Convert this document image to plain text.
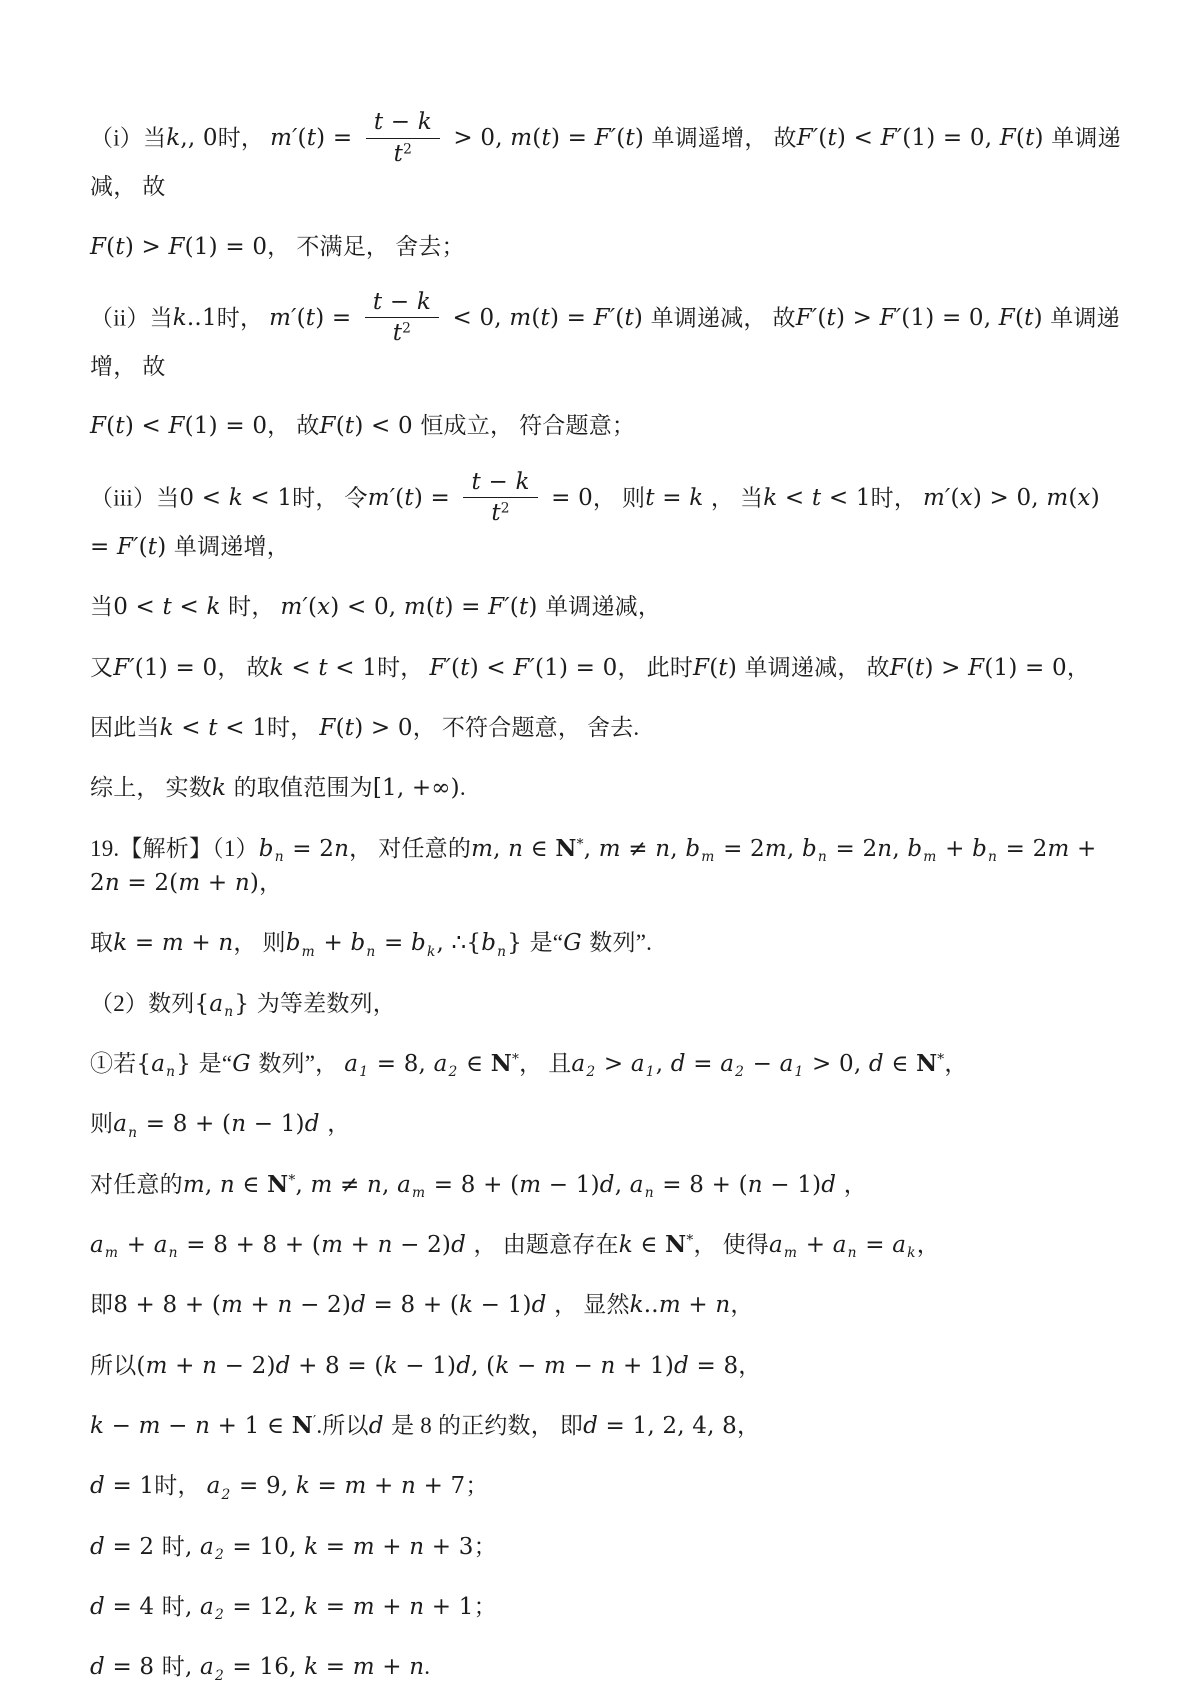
（i）当k,, 0时， $m'(t) = \frac{t - k}{t^2} > 0$, m(t) = F′(t) 单调遥增， 故F′(t) < F′(1) = 0, F(t) 单调递减， 故
F(t) > F(1) = 0， 不满足， 舍去；
（ii）当k..1时， $m'(t) = \frac{t - k}{t^2} < 0$, m(t) = F′(t) 单调递减， 故F′(t) > F′(1) = 0, F(t) 单调递增， 故
F(t) < F(1) = 0， 故F(t) < 0 恒成立， 符合题意；
（iii）当0 < k < 1时， 令$m'(t) = \frac{t - k}{t^2} = 0$， 则t = k ， 当k < t < 1时， m′(x) > 0, m(x) = F′(t) 单调递增，
当0 < t < k 时， m′(x) < 0, m(t) = F′(t) 单调递减，
又F′(1) = 0， 故k < t < 1时， F′(t) < F′(1) = 0， 此时F(t) 单调递减， 故F(t) > F(1) = 0，
因此当k < t < 1时， F(t) > 0， 不符合题意， 舍去.
综上， 实数k 的取值范围为[1, +∞).
19.【解析】$(1)b_n = 2n$， 对任意的m, n ∈ N*, m ≠ n, $b_m = 2m$, $b_n = 2n$, $b_m + b_n = 2m + 2n = 2(m + n)$，
取k = m + n， 则$b_m + b_n = b_k$, $\therefore\{b_n\}$ 是“G 数列”.
（2）数列$\{a_n\}$ 为等差数列，
①若$\{a_n\}$ 是“G 数列”， $a_1 = 8$, $a_2$ ∈ N*， 且$a_2 > a_1$, $d = a_2 - a_1 > 0$, d ∈ N*，
则$a_n = 8 + (n - 1)d$ ，
对任意的m, n ∈ N*, m ≠ n, $a_m = 8 + (m - 1)d$, $a_n = 8 + (n - 1)d$ ，
$a_m + a_n = 8 + 8 + (m + n - 2)d$ ， 由题意存在k ∈ N*， 使得$a_m + a_n = a_k$，
即8 + 8 + (m + n − 2)d = 8 + (k − 1)d ， 显然k..m + n，
所以(m + n − 2)d + 8 = (k − 1)d, (k − m − n + 1)d = 8，
k − m − n + 1 ∈ N′.所以d 是 8 的正约数， 即d = 1, 2, 4, 8，
d = 1时， $a_2 = 9$, k = m + n + 7；
d = 2 时, $a_2 = 10$, k = m + n + 3；
d = 4 时, $a_2 = 12$, k = m + n + 1；
d = 8 时, $a_2 = 16$, k = m + n.
